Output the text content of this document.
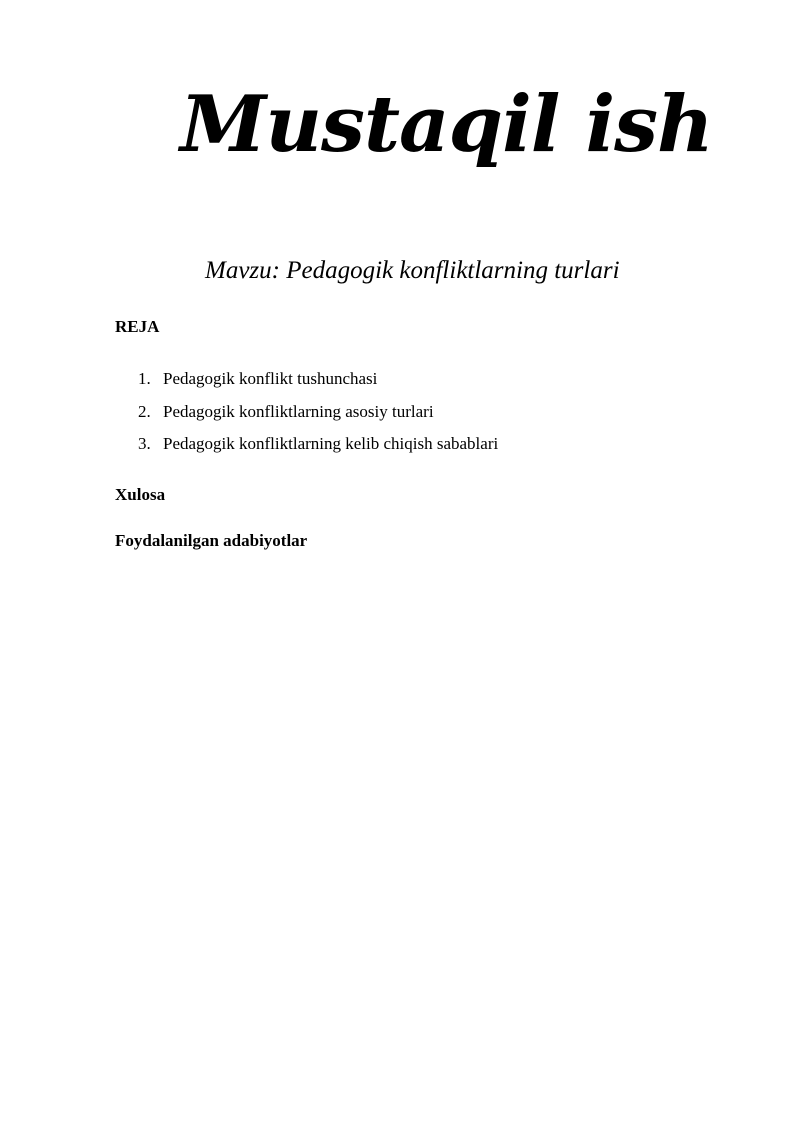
Mustaqil ish
Mavzu: Pedagogik konfliktlarning turlari
REJA
1. Pedagogik konflikt tushunchasi
2. Pedagogik konfliktlarning asosiy turlari
3. Pedagogik konfliktlarning kelib chiqish sabablari
Xulosa
Foydalanilgan adabiyotlar
